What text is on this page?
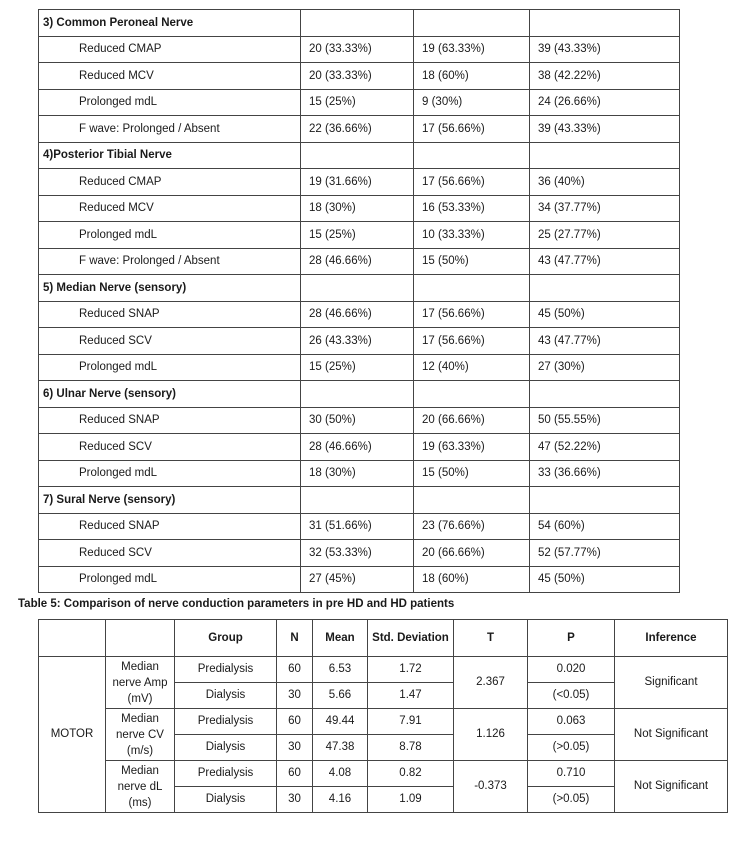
3) Common Peroneal Nerve			
Reduced CMAP	20 (33.33%)	19 (63.33%)	39 (43.33%)
Reduced MCV	20 (33.33%)	18 (60%)	38 (42.22%)
Prolonged mdL	15 (25%)	9 (30%)	24 (26.66%)
F wave: Prolonged / Absent	22 (36.66%)	17 (56.66%)	39 (43.33%)
4)Posterior Tibial Nerve			
Reduced CMAP	19 (31.66%)	17 (56.66%)	36 (40%)
Reduced MCV	18 (30%)	16 (53.33%)	34 (37.77%)
Prolonged mdL	15 (25%)	10 (33.33%)	25 (27.77%)
F wave: Prolonged / Absent	28 (46.66%)	15 (50%)	43 (47.77%)
5) Median Nerve (sensory)			
Reduced SNAP	28 (46.66%)	17 (56.66%)	45 (50%)
Reduced SCV	26 (43.33%)	17 (56.66%)	43 (47.77%)
Prolonged mdL	15 (25%)	12 (40%)	27 (30%)
6) Ulnar Nerve (sensory)			
Reduced SNAP	30 (50%)	20 (66.66%)	50 (55.55%)
Reduced SCV	28 (46.66%)	19 (63.33%)	47 (52.22%)
Prolonged mdL	18 (30%)	15 (50%)	33 (36.66%)
7) Sural Nerve (sensory)			
Reduced SNAP	31 (51.66%)	23 (76.66%)	54 (60%)
Reduced SCV	32 (53.33%)	20 (66.66%)	52 (57.77%)
Prolonged mdL	27 (45%)	18 (60%)	45 (50%)
Table 5: Comparison of nerve conduction parameters in pre HD and HD patients
		Group	N	Mean	Std. Deviation	T	P	Inference
MOTOR	Median nerve Amp (mV)	Predialysis	60	6.53	1.72	2.367	0.020	Significant
		Dialysis	30	5.66	1.47		(<0.05)	
	Median nerve CV (m/s)	Predialysis	60	49.44	7.91	1.126	0.063	Not Significant
		Dialysis	30	47.38	8.78		(>0.05)	
	Median nerve dL (ms)	Predialysis	60	4.08	0.82	-0.373	0.710	Not Significant
		Dialysis	30	4.16	1.09		(>0.05)	
